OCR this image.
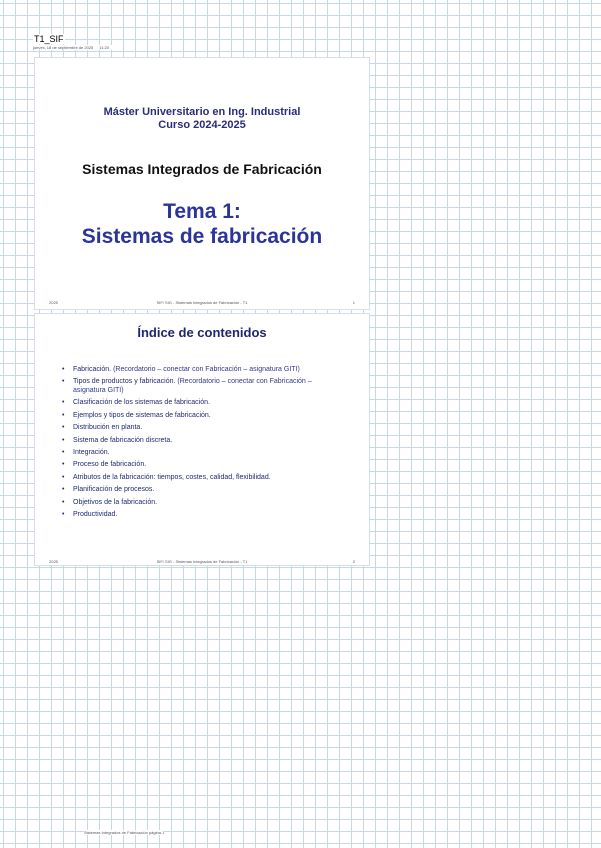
T1_SIF
jueves, 18 de septiembre de 2025 11:20
Máster Universitario en Ing. Industrial
Curso 2024-2025
Sistemas Integrados de Fabricación
Tema 1:
Sistemas de fabricación
2025	SIF/ SIG - Sistemas Integrados de Fabricación - T1	1
Índice de contenidos
• Fabricación. (Recordatorio – conectar con Fabricación – asignatura GITI)
• Tipos de productos y fabricación. (Recordatorio – conectar con Fabricación – asignatura GITI)
• Clasificación de los sistemas de fabricación.
• Ejemplos y tipos de sistemas de fabricación.
• Distribución en planta.
• Sistema de fabricación discreta.
• Integración.
• Proceso de fabricación.
• Atributos de la fabricación: tiempos, costes, calidad, flexibilidad.
• Planificación de procesos.
• Objetivos de la fabricación.
• Productividad.
2025	SIF/ SIG - Sistemas Integrados de Fabricación - T1	2
Sistemas Integrados de Fabricación página 1
